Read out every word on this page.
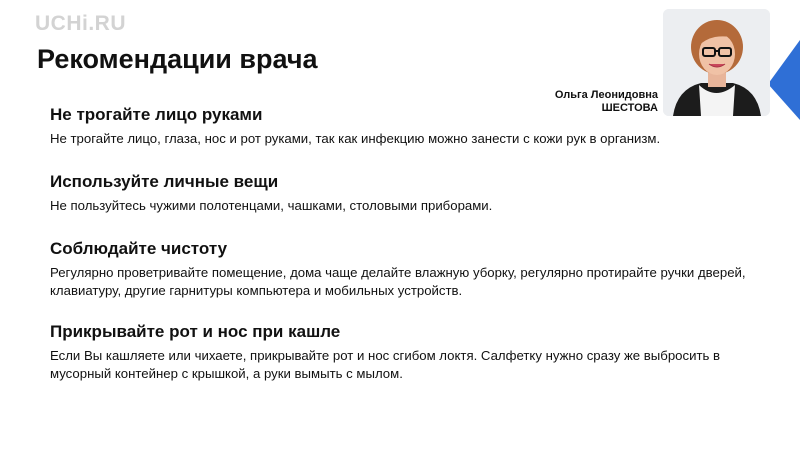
UCHi.RU
Рекомендации врача
Ольга Леонидовна
ШЕСТОВА
Не трогайте лицо руками

Не трогайте лицо, глаза, нос и рот руками, так как инфекцию можно занести с кожи рук в организм.

Используйте личные вещи

Не пользуйтесь чужими полотенцами, чашками, столовыми приборами.

Соблюдайте чистоту

Регулярно проветривайте помещение, дома чаще делайте влажную уборку, регулярно протирайте ручки дверей, клавиатуру, другие гарнитуры компьютера и мобильных устройств.

Прикрывайте рот и нос при кашле

Если Вы кашляете или чихаете, прикрывайте рот и нос сгибом локтя. Салфетку нужно сразу же выбросить в мусорный контейнер с крышкой, а руки вымыть с мылом.
